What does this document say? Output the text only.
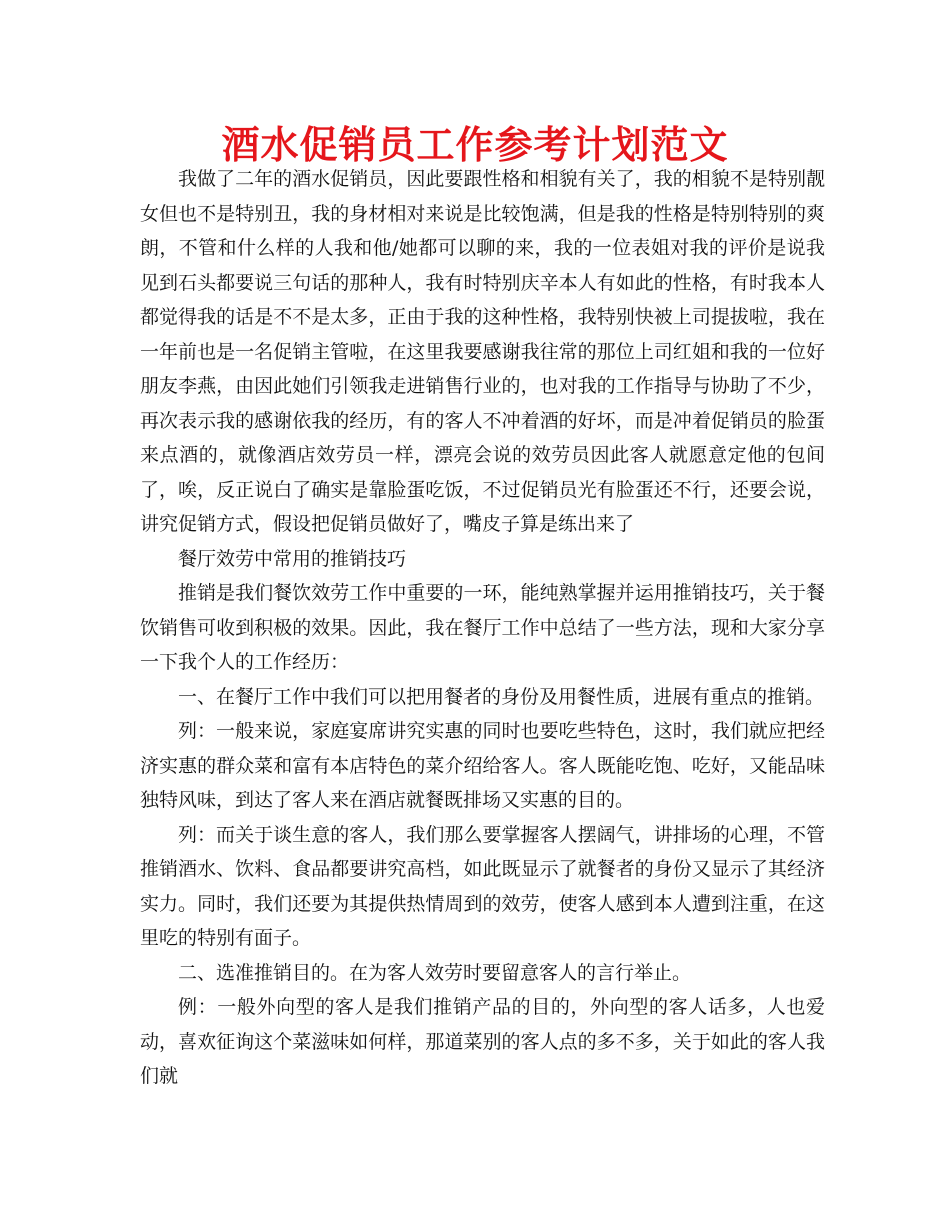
酒水促销员工作参考计划范文

我做了二年的酒水促销员，因此要跟性格和相貌有关了，我的相貌不是特别靓女但也不是特别丑，我的身材相对来说是比较饱满，但是我的性格是特别特别的爽朗，不管和什么样的人我和他/她都可以聊的来，我的一位表姐对我的评价是说我见到石头都要说三句话的那种人，我有时特别庆辛本人有如此的性格，有时我本人都觉得我的话是不不是太多，正由于我的这种性格，我特别快被上司提拔啦，我在一年前也是一名促销主管啦，在这里我要感谢我往常的那位上司红姐和我的一位好朋友李燕，由因此她们引领我走进销售行业的，也对我的工作指导与协助了不少，再次表示我的感谢依我的经历，有的客人不冲着酒的好坏，而是冲着促销员的脸蛋来点酒的，就像酒店效劳员一样，漂亮会说的效劳员因此客人就愿意定他的包间了，唉，反正说白了确实是靠脸蛋吃饭，不过促销员光有脸蛋还不行，还要会说，讲究促销方式，假设把促销员做好了，嘴皮子算是练出来了

餐厅效劳中常用的推销技巧

推销是我们餐饮效劳工作中重要的一环，能纯熟掌握并运用推销技巧，关于餐饮销售可收到积极的效果。因此，我在餐厅工作中总结了一些方法，现和大家分享一下我个人的工作经历：

一、在餐厅工作中我们可以把用餐者的身份及用餐性质，进展有重点的推销。

列：一般来说，家庭宴席讲究实惠的同时也要吃些特色，这时，我们就应把经济实惠的群众菜和富有本店特色的菜介绍给客人。客人既能吃饱、吃好，又能品味独特风味，到达了客人来在酒店就餐既排场又实惠的目的。

列：而关于谈生意的客人，我们那么要掌握客人摆阔气，讲排场的心理，不管推销酒水、饮料、食品都要讲究高档，如此既显示了就餐者的身份又显示了其经济实力。同时，我们还要为其提供热情周到的效劳，使客人感到本人遭到注重，在这里吃的特别有面子。

二、选准推销目的。在为客人效劳时要留意客人的言行举止。

例：一般外向型的客人是我们推销产品的目的，外向型的客人话多，人也爱动，喜欢征询这个菜滋味如何样，那道菜别的客人点的多不多，关于如此的客人我们就
